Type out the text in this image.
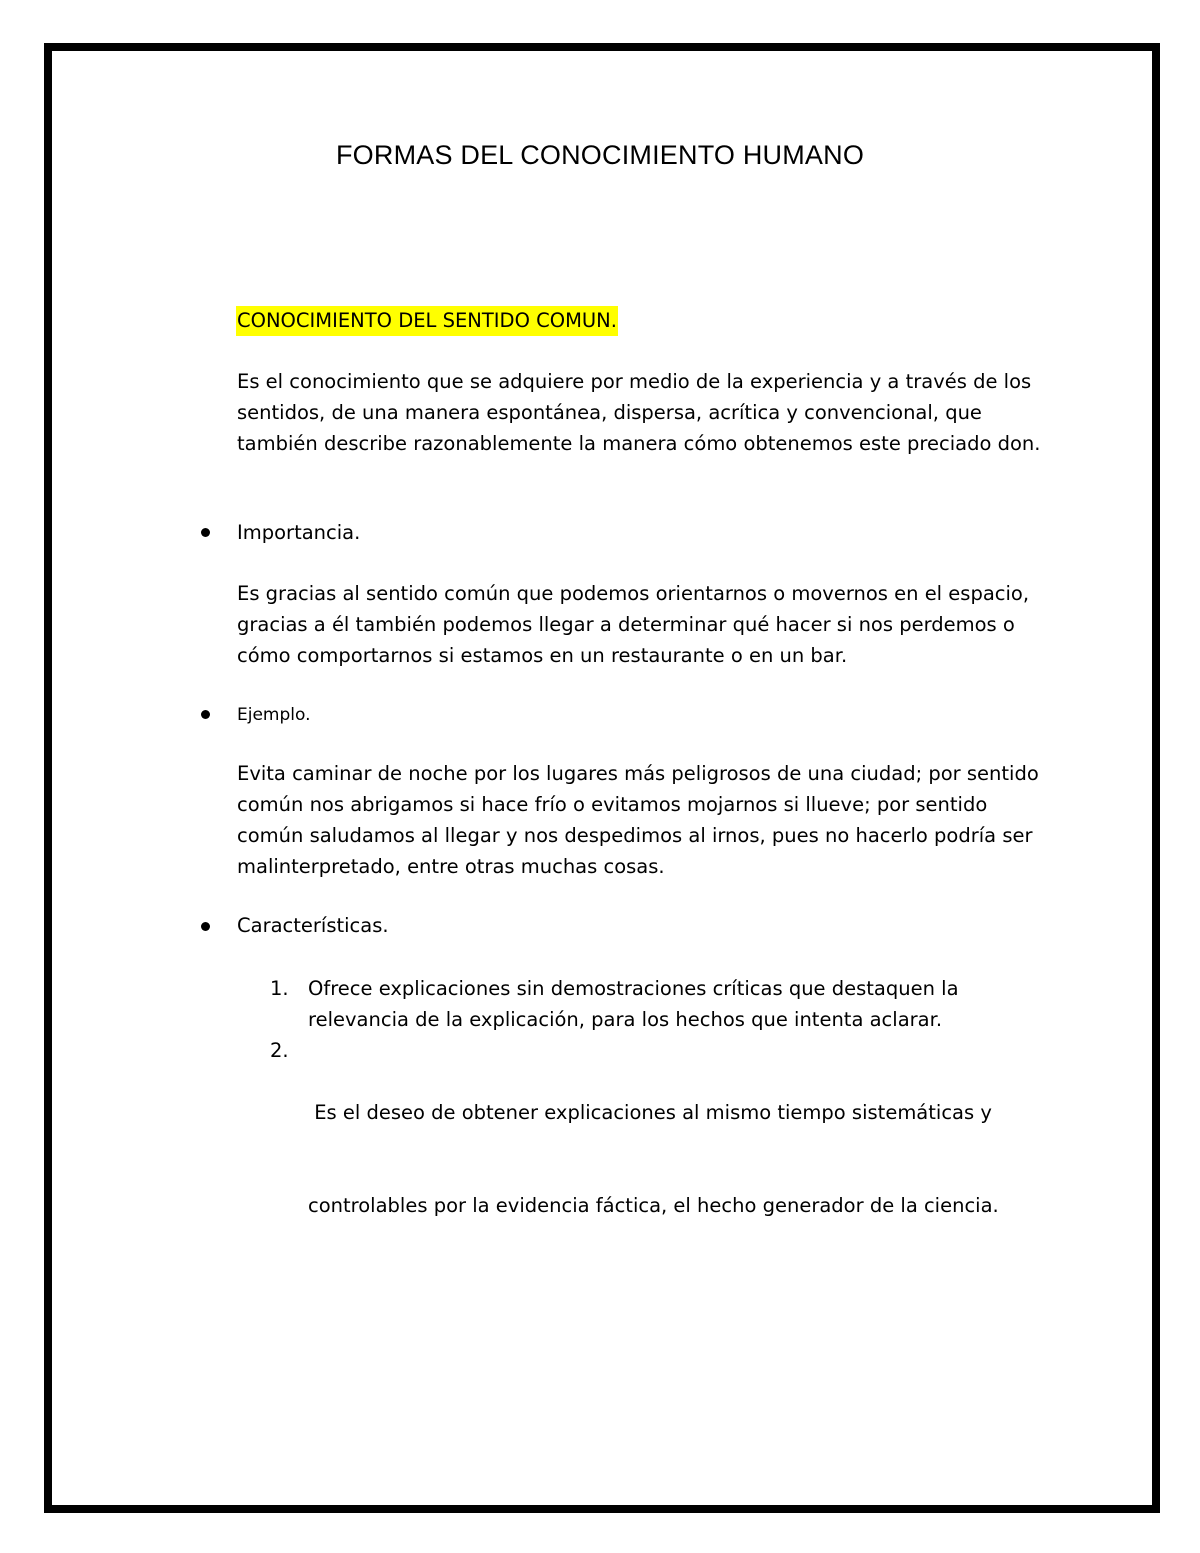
FORMAS DEL CONOCIMIENTO HUMANO
CONOCIMIENTO DEL SENTIDO COMUN.

Es el conocimiento que se adquiere por medio de la experiencia y a través de los
sentidos, de una manera espontánea, dispersa, acrítica y convencional, que
también describe razonablemente la manera cómo obtenemos este preciado don.

Importancia.

Es gracias al sentido común que podemos orientarnos o movernos en el espacio,
gracias a él también podemos llegar a determinar qué hacer si nos perdemos o
cómo comportarnos si estamos en un restaurante o en un bar.

Ejemplo.

Evita caminar de noche por los lugares más peligrosos de una ciudad; por sentido
común nos abrigamos si hace frío o evitamos mojarnos si llueve; por sentido
común saludamos al llegar y nos despedimos al irnos, pues no hacerlo podría ser
malinterpretado, entre otras muchas cosas.

Características.
1. Ofrece explicaciones sin demostraciones críticas que destaquen la
relevancia de la explicación, para los hechos que intenta aclarar.

2.

Es el deseo de obtener explicaciones al mismo tiempo sistemáticas y

controlables por la evidencia fáctica, el hecho generador de la ciencia.
